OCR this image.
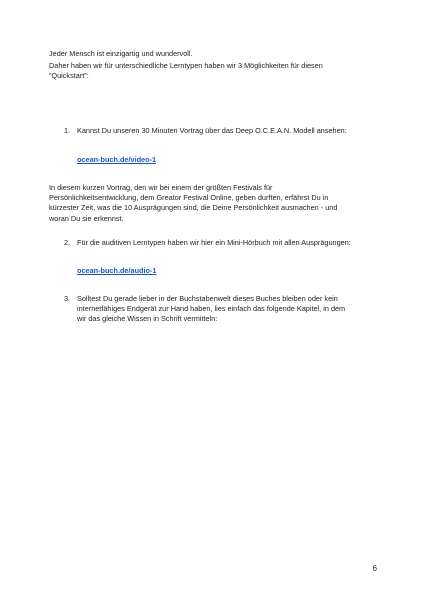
Jeder Mensch ist einzigartig und wundervoll.
Daher haben wir für unterschiedliche Lerntypen haben wir 3 Möglichkeiten für diesen
“Quickstart”:
1. Kannst Du unseren 30 Minuten Vortrag über das Deep O.C.E.A.N. Modell ansehen:
ocean-buch.de/video-1
In diesem kurzen Vortrag, den wir bei einem der größten Festivals für
Persönlichkeitsentwicklung, dem Greator Festival Online, geben durften, erfährst Du in
kürzester Zeit, was die 10 Ausprägungen sind, die Deine Persönlichkeit ausmachen - und
woran Du sie erkennst.
2. Für die auditiven Lerntypen haben wir hier ein Mini-Hörbuch mit allen Ausprägungen:
ocean-buch.de/audio-1
3. Solltest Du gerade lieber in der Buchstabenwelt dieses Buches bleiben oder kein
internetfähiges Endgerät zur Hand haben, lies einfach das folgende Kapitel, in dem
wir das gleiche Wissen in Schrift vermitteln:
6
